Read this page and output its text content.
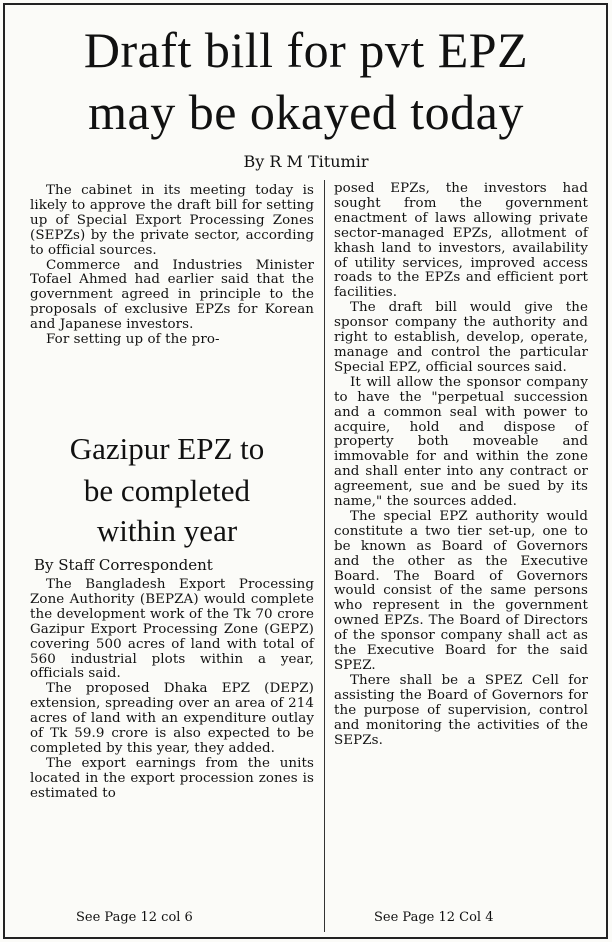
Draft bill for pvt EPZ
may be okayed today
By R M Titumir

The cabinet in its meeting today is likely to approve the draft bill for setting up of Special Export Processing Zones (SEPZs) by the private sector, according to official sources.

Commerce and Industries Minister Tofael Ahmed had earlier said that the government agreed in principle to the proposals of exclusive EPZs for Korean and Japanese investors.

For setting up of the pro-

posed EPZs, the investors had sought from the government enactment of laws allowing private sector-managed EPZs, allotment of khash land to investors, availability of utility services, improved access roads to the EPZs and efficient port facilities.

The draft bill would give the sponsor company the authority and right to establish, develop, operate, manage and control the particular Special EPZ, official sources said.

It will allow the sponsor company to have the "perpetual succession and a common seal with power to acquire, hold and dispose of property both moveable and immovable for and within the zone and shall enter into any contract or agreement, sue and be sued by its name," the sources added.

The special EPZ authority would constitute a two tier set-up, one to be known as Board of Governors and the other as the Executive Board. The Board of Governors would consist of the same persons who represent in the government owned EPZs. The Board of Directors of the sponsor company shall act as the Executive Board for the said SPEZ.

There shall be a SPEZ Cell for assisting the Board of Governors for the purpose of supervision, control and monitoring the activities of the SEPZs.

Gazipur EPZ to
be completed
within year
By Staff Correspondent

The Bangladesh Export Processing Zone Authority (BEPZA) would complete the development work of the Tk 70 crore Gazipur Export Processing Zone (GEPZ) covering 500 acres of land with total of 560 industrial plots within a year, officials said.

The proposed Dhaka EPZ (DEPZ) extension, spreading over an area of 214 acres of land with an expenditure outlay of Tk 59.9 crore is also expected to be completed by this year, they added.

The export earnings from the units located in the export procession zones is estimated to

See Page 12 col 6	See Page 12 Col 4
